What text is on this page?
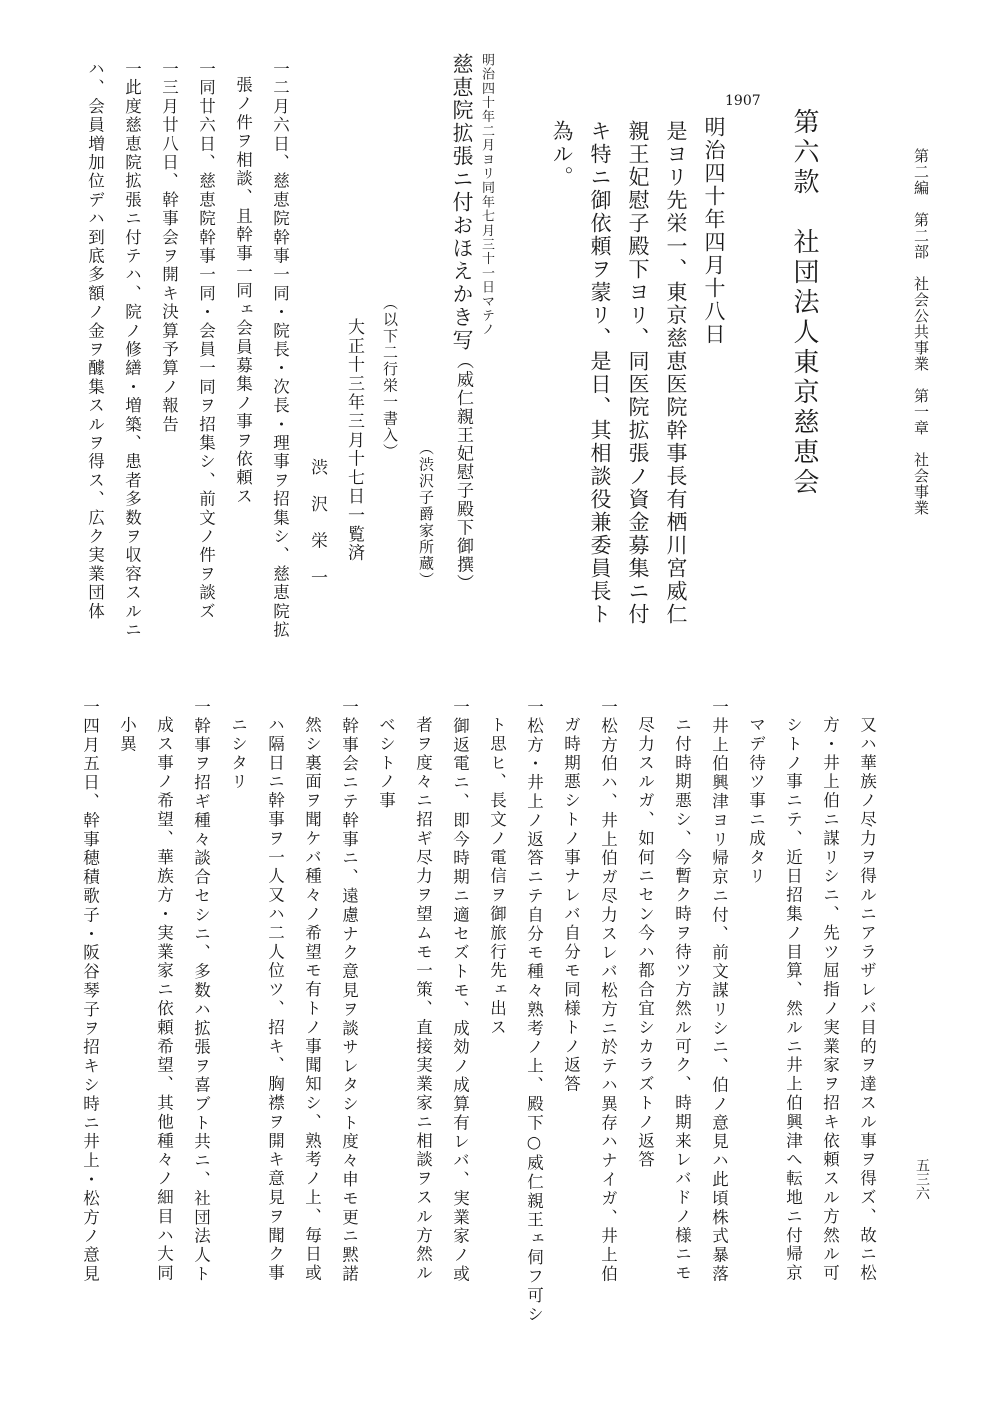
第二編　第二部　社会公共事業　第一章　社会事業
五三六
第六款　社団法人東京慈恵会
1907
明治四十年四月十八日
是ヨリ先栄一、東京慈恵医院幹事長有栖川宮威仁
親王妃慰子殿下ヨリ、同医院拡張ノ資金募集ニ付
キ特ニ御依頼ヲ蒙リ、是日、其相談役兼委員長ト
為ル。
明治四十年二月ヨリ同年七月三十一日マテノ
慈恵院拡張ニ付おほえかき写
（威仁親王妃慰子殿下御撰）
（渋沢子爵家所蔵）
（以下二行栄一書入）
大正十三年三月十七日一覧済
渋　沢　栄　一
一二月六日、慈恵院幹事一同・院長・次長・理事ヲ招集シ、慈恵院拡
張ノ件ヲ相談、且幹事一同ェ会員募集ノ事ヲ依頼ス
一同廿六日、慈恵院幹事一同・会員一同ヲ招集シ、前文ノ件ヲ談ズ
一三月廿八日、幹事会ヲ開キ決算予算ノ報告
一此度慈恵院拡張ニ付テハ、院ノ修繕・増築、患者多数ヲ収容スルニ
ハ、会員増加位デハ到底多額ノ金ヲ醵集スルヲ得ス、広ク実業団体
又ハ華族ノ尽力ヲ得ルニアラザレバ目的ヲ達スル事ヲ得ズ、故ニ松
方・井上伯ニ謀リシニ、先ツ屈指ノ実業家ヲ招キ依頼スル方然ル可
シトノ事ニテ、近日招集ノ目算、然ルニ井上伯興津へ転地ニ付帰京
マデ待ツ事ニ成タリ
一井上伯興津ヨリ帰京ニ付、前文謀リシニ、伯ノ意見ハ此頃株式暴落
ニ付時期悪シ、今暫ク時ヲ待ツ方然ル可ク、時期来レバドノ様ニモ
尽力スルガ、如何ニセン今ハ都合宜シカラズトノ返答
一松方伯ハ、井上伯ガ尽力スレバ松方ニ於テハ異存ハナイガ、井上伯
ガ時期悪シトノ事ナレバ自分モ同様トノ返答
一松方・井上ノ返答ニテ自分モ種々熟考ノ上、殿下○威仁親王ェ伺フ可シ
ト思ヒ、長文ノ電信ヲ御旅行先ェ出ス
一御返電ニ、即今時期ニ適セズトモ、成効ノ成算有レバ、実業家ノ或
者ヲ度々ニ招ギ尽力ヲ望ムモ一策、直接実業家ニ相談ヲスル方然ル
ベシトノ事
一幹事会ニテ幹事ニ、遠慮ナク意見ヲ談サレタシト度々申モ更ニ黙諾
然シ裏面ヲ聞ケバ種々ノ希望モ有トノ事聞知シ、熟考ノ上、毎日或
ハ隔日ニ幹事ヲ一人又ハ二人位ツ、招キ、胸襟ヲ開キ意見ヲ聞ク事
ニシタリ
一幹事ヲ招ギ種々談合セシニ、多数ハ拡張ヲ喜ブト共ニ、社団法人ト
成ス事ノ希望、華族方・実業家ニ依頼希望、其他種々ノ細目ハ大同
小異
一四月五日、幹事穂積歌子・阪谷琴子ヲ招キシ時ニ井上・松方ノ意見
